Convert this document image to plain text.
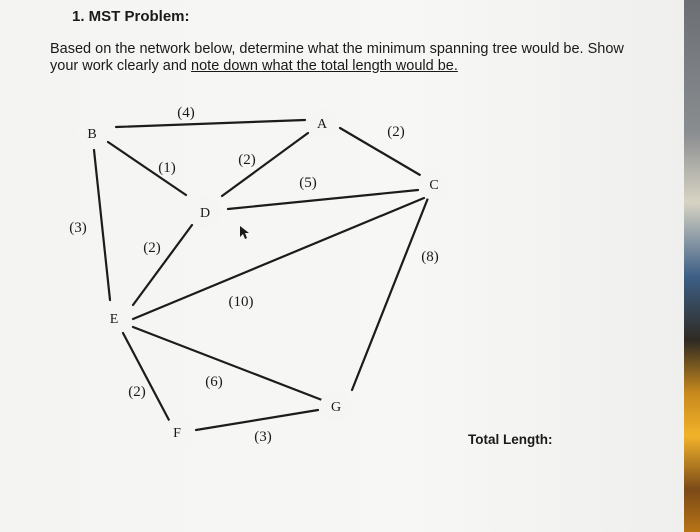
1. MST Problem:
Based on the network below, determine what the minimum spanning tree would be. Show your work clearly and note down what the total length would be.
A
B
C
D
E
F
G
(4)
(2)
(1)	(2)
(5)
(3)
(2)
(10)
(8)
(6)
(2)
(3)	Total Length:
